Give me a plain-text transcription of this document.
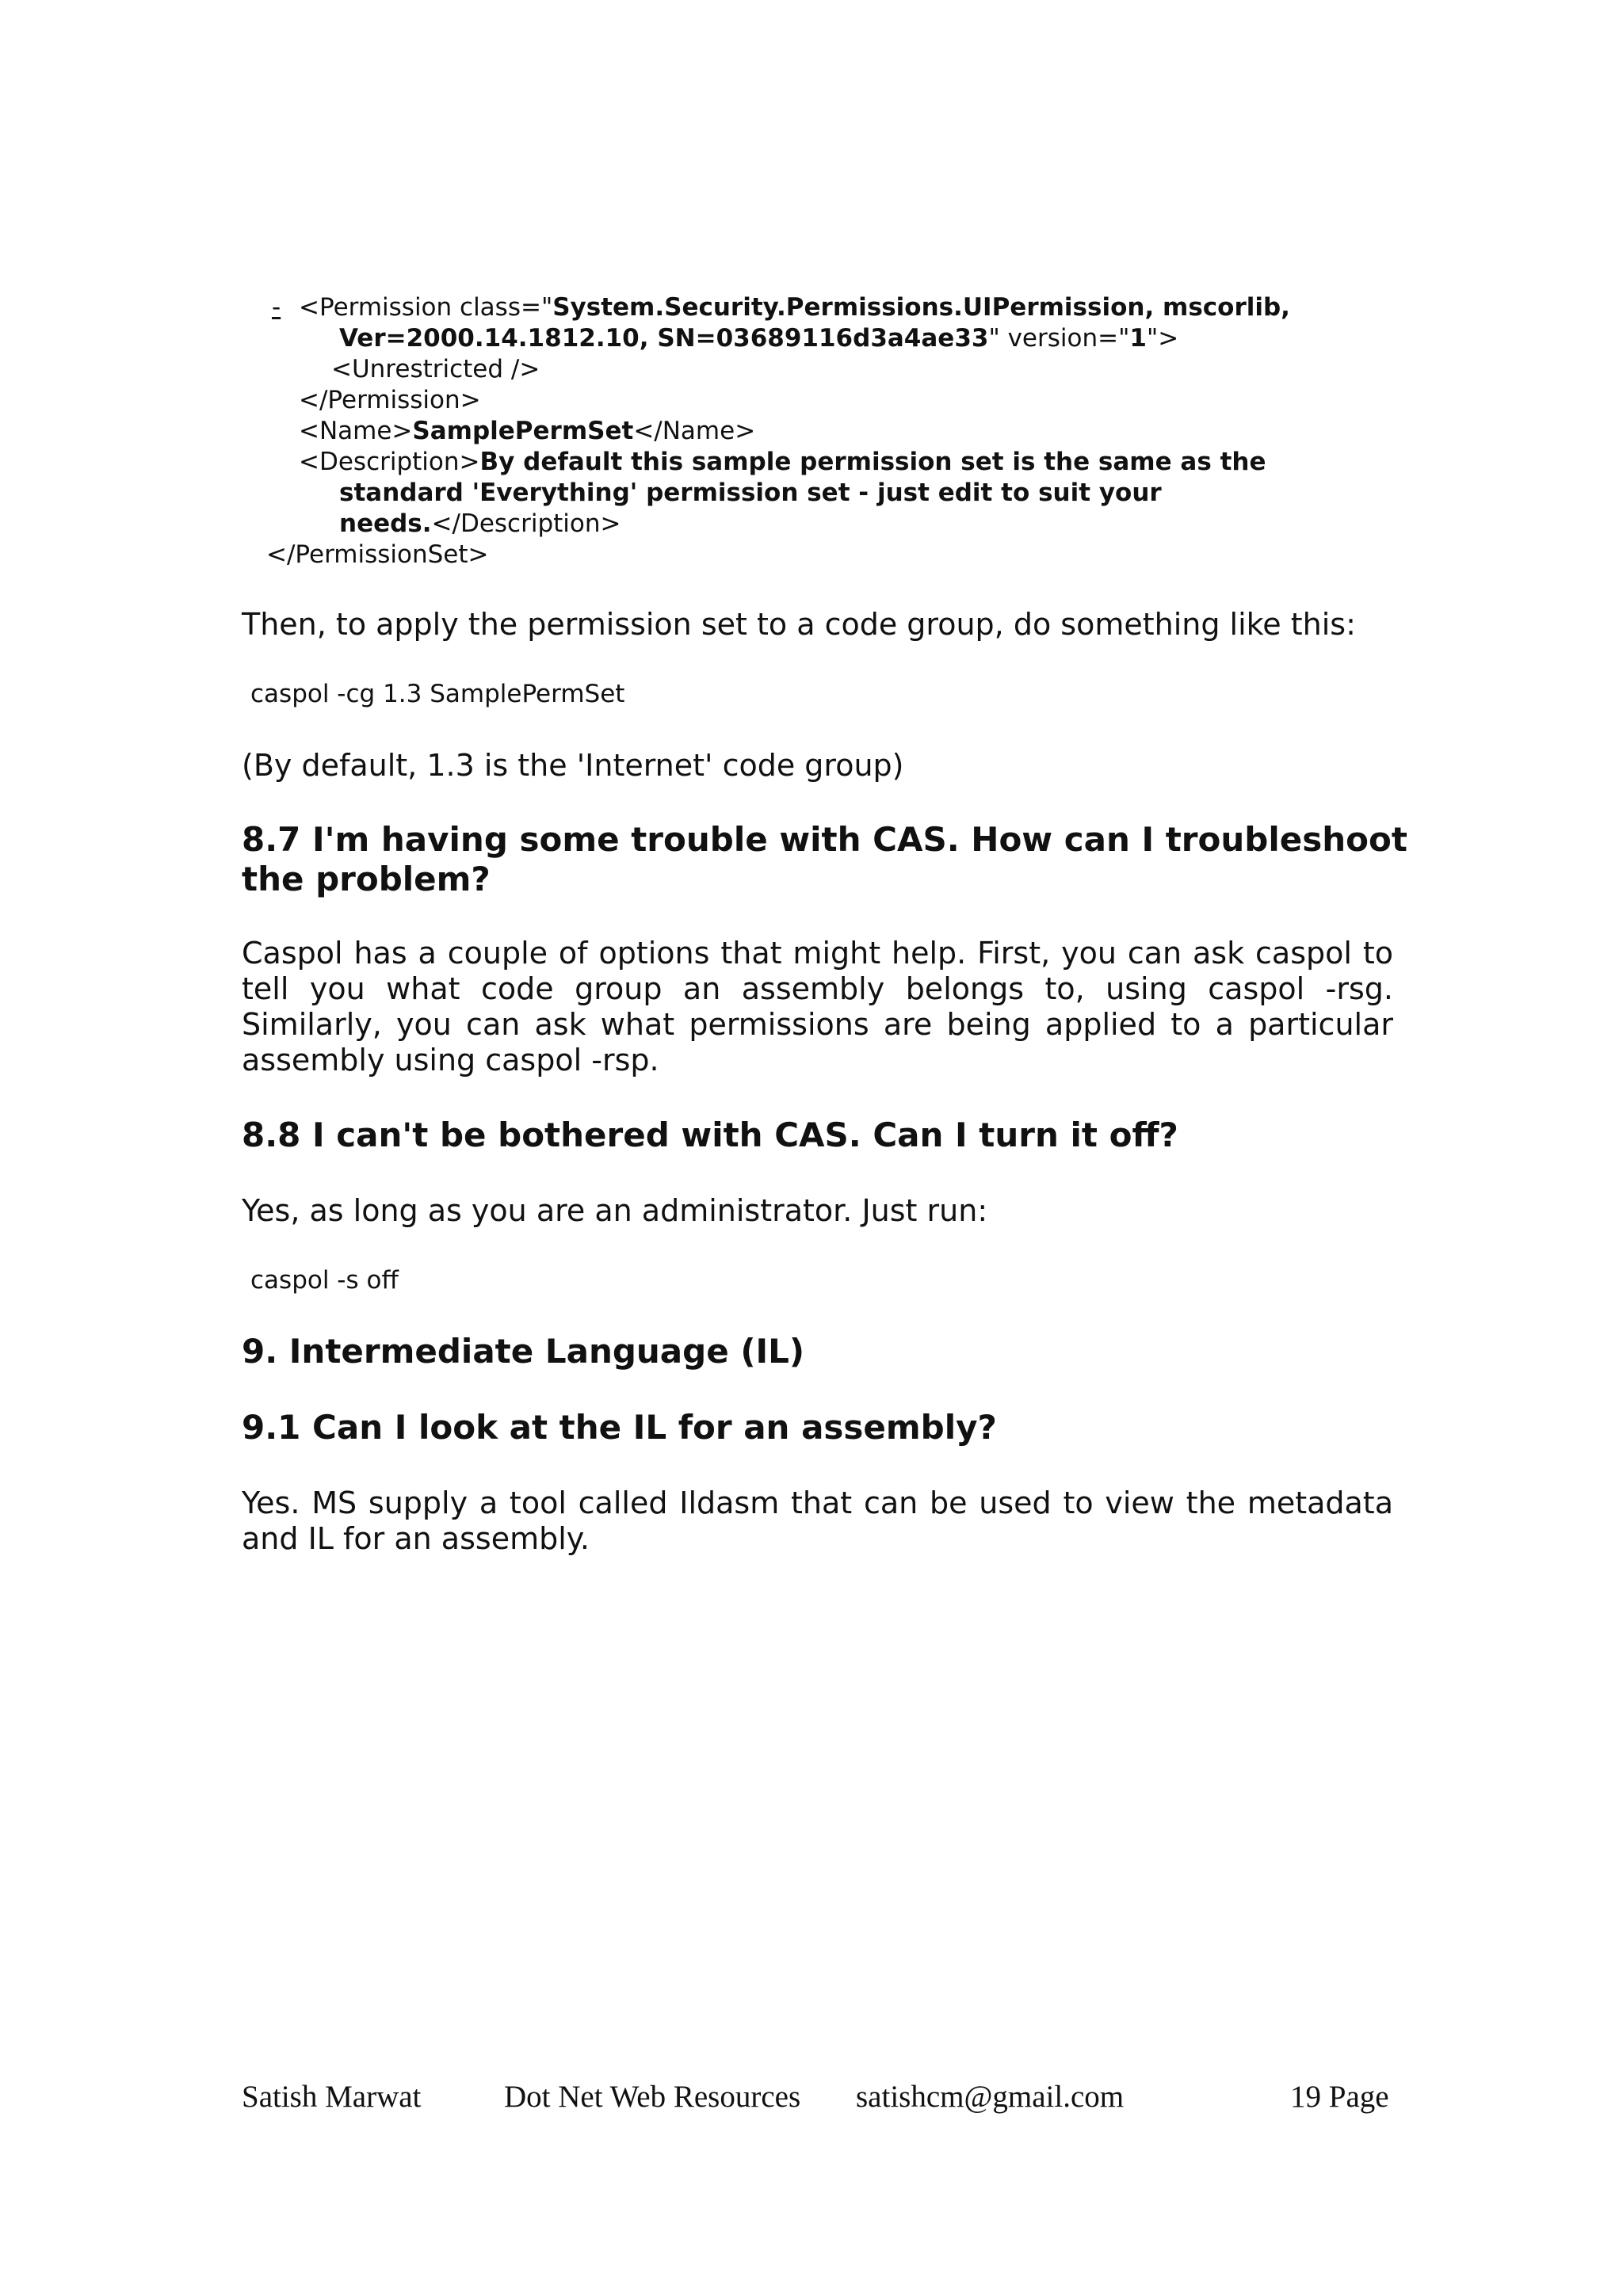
- <Permission class="System.Security.Permissions.UIPermission, mscorlib,
Ver=2000.14.1812.10, SN=03689116d3a4ae33" version="1">
<Unrestricted />
</Permission>
<Name>SamplePermSet</Name>
<Description>By default this sample permission set is the same as the
standard 'Everything' permission set - just edit to suit your
needs.</Description>
</PermissionSet>
Then, to apply the permission set to a code group, do something like this:
caspol -cg 1.3 SamplePermSet
(By default, 1.3 is the 'Internet' code group)
8.7 I'm having some trouble with CAS. How can I troubleshoot
the problem?
Caspol has a couple of options that might help. First, you can ask caspol to tell you what code group an assembly belongs to, using caspol -rsg. Similarly, you can ask what permissions are being applied to a particular assembly using caspol -rsp.
8.8 I can't be bothered with CAS. Can I turn it off?
Yes, as long as you are an administrator. Just run:
caspol -s off
9. Intermediate Language (IL)
9.1 Can I look at the IL for an assembly?
Yes. MS supply a tool called Ildasm that can be used to view the metadata and IL for an assembly.
Satish Marwat	Dot Net Web Resources satishcm@gmail.com	19 Page
